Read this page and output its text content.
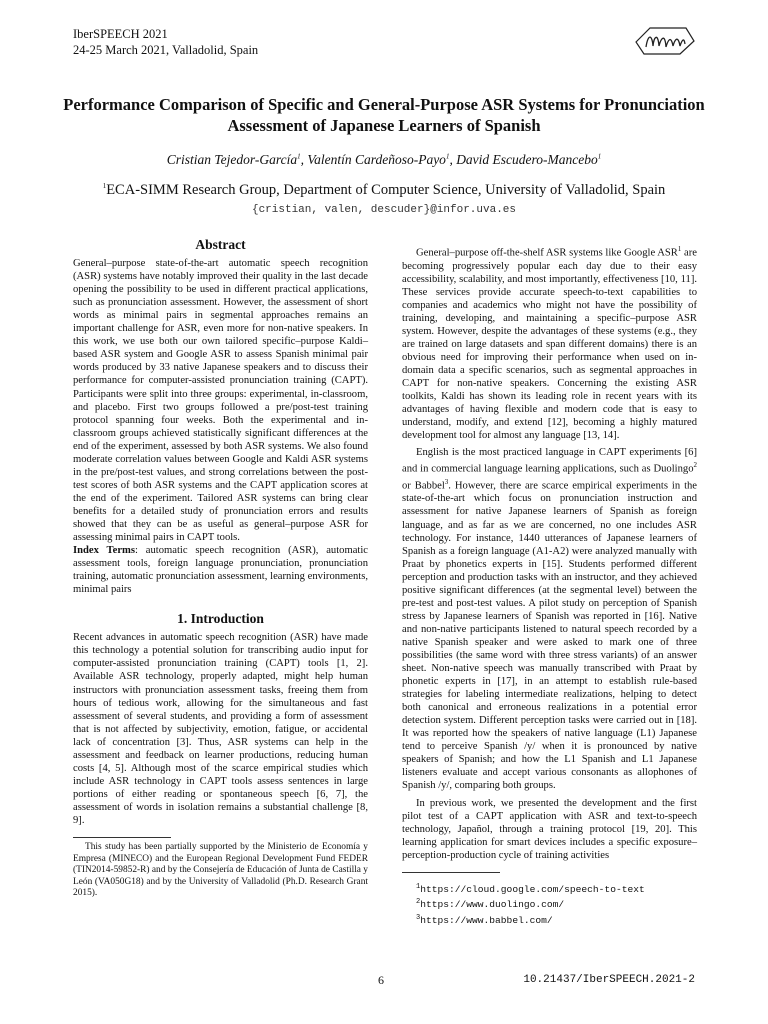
IberSPEECH 2021
24-25 March 2021, Valladolid, Spain
Performance Comparison of Specific and General-Purpose ASR Systems for Pronunciation Assessment of Japanese Learners of Spanish
Cristian Tejedor-García$^1$, Valentín Cardeñoso-Payo$^1$, David Escudero-Mancebo$^1$
$^1$ECA-SIMM Research Group, Department of Computer Science, University of Valladolid, Spain
{cristian, valen, descuder}@infor.uva.es
Abstract

General–purpose state-of-the-art automatic speech recognition (ASR) systems have notably improved their quality in the last decade opening the possibility to be used in different practical applications, such as pronunciation assessment. However, the assessment of short words as minimal pairs in segmental approaches remains an important challenge for ASR, even more for non-native speakers. In this work, we use both our own tailored specific–purpose Kaldi–based ASR system and Google ASR to assess Spanish minimal pair words produced by 33 native Japanese speakers and to discuss their performance for computer-assisted pronunciation training (CAPT). Participants were split into three groups: experimental, in-classroom, and placebo. First two groups followed a pre/post-test training protocol spanning four weeks. Both the experimental and in-classroom groups achieved statistically significant differences at the end of the experiment, assessed by both ASR systems. We also found moderate correlation values between Google and Kaldi ASR systems in the pre/post-test values, and strong correlations between the post-test scores of both ASR systems and the CAPT application scores at the end of the experiment. Tailored ASR systems can bring clear benefits for a detailed study of pronunciation errors and results showed that they can be as useful as general–purpose ASR for assessing minimal pairs in CAPT tools.

Index Terms: automatic speech recognition (ASR), automatic assessment tools, foreign language pronunciation, pronunciation training, automatic pronunciation assessment, learning environments, minimal pairs

1. Introduction

Recent advances in automatic speech recognition (ASR) have made this technology a potential solution for transcribing audio input for computer-assisted pronunciation training (CAPT) tools [1, 2]. Available ASR technology, properly adapted, might help human instructors with pronunciation assessment tasks, freeing them from hours of tedious work, allowing for the simultaneous and fast assessment of several students, and providing a form of assessment that is not affected by subjectivity, emotion, fatigue, or accidental lack of concentration [3]. Thus, ASR systems can help in the assessment and feedback on learner productions, reducing human costs [4, 5]. Although most of the scarce empirical studies which include ASR technology in CAPT tools assess sentences in large portions of either reading or spontaneous speech [6, 7], the assessment of words in isolation remains a substantial challenge [8, 9].

This study has been partially supported by the Ministerio de Economía y Empresa (MINECO) and the European Regional Development Fund FEDER (TIN2014-59852-R) and by the Consejería de Educación of Junta de Castilla y León (VA050G18) and by the University of Valladolid (Ph.D. Research Grant 2015).

General–purpose off-the-shelf ASR systems like Google ASR$^1$ are becoming progressively popular each day due to their easy accessibility, scalability, and most importantly, effectiveness [10, 11]. These services provide accurate speech-to-text capabilities to companies and academics who might not have the possibility of training, developing, and maintaining a specific–purpose ASR system. However, despite the advantages of these systems (e.g., they are trained on large datasets and span different domains) there is an obvious need for improving their performance when used on in-domain data a specific scenarios, such as segmental approaches in CAPT for non-native speakers. Concerning the existing ASR toolkits, Kaldi has shown its leading role in recent years with its advantages of having flexible and modern code that is easy to understand, modify, and extend [12], becoming a highly matured development tool for almost any language [13, 14].

English is the most practiced language in CAPT experiments [6] and in commercial language learning applications, such as Duolingo$^2$ or Babbel$^3$. However, there are scarce empirical experiments in the state-of-the-art which focus on pronunciation instruction and assessment for native Japanese learners of Spanish as foreign language, and as far as we are concerned, no one includes ASR technology. For instance, 1440 utterances of Japanese learners of Spanish as a foreign language (A1-A2) were analyzed manually with Praat by phonetics experts in [15]. Students performed different perception and production tasks with an instructor, and they achieved positive significant differences (at the segmental level) between the pre-test and post-test values. A pilot study on perception of Spanish stress by Japanese learners of Spanish was reported in [16]. Native and non-native participants listened to natural speech recorded by a native Spanish speaker and were asked to mark one of three possibilities (the same word with three stress variants) of an answer sheet. Non-native speech was manually transcribed with Praat by phonetic experts in [17], in an attempt to establish rule-based strategies for labeling intermediate realizations, helping to detect both canonical and erroneous realizations in a potential error detection system. Different perception tasks were carried out in [18]. It was reported how the speakers of native language (L1) Japanese tend to perceive Spanish /y/ when it is pronounced by native speakers of Spanish; and how the L1 Spanish and L1 Japanese listeners evaluate and accept various consonants as allophones of Spanish /y/, comparing both groups.

In previous work, we presented the development and the first pilot test of a CAPT application with ASR and text-to-speech technology, Japañol, through a training protocol [19, 20]. This learning application for smart devices includes a specific exposure–perception-production cycle of training activities

$^1$https://cloud.google.com/speech-to-text
$^2$https://www.duolingo.com/
$^3$https://www.babbel.com/
6	10.21437/IberSPEECH.2021-2
